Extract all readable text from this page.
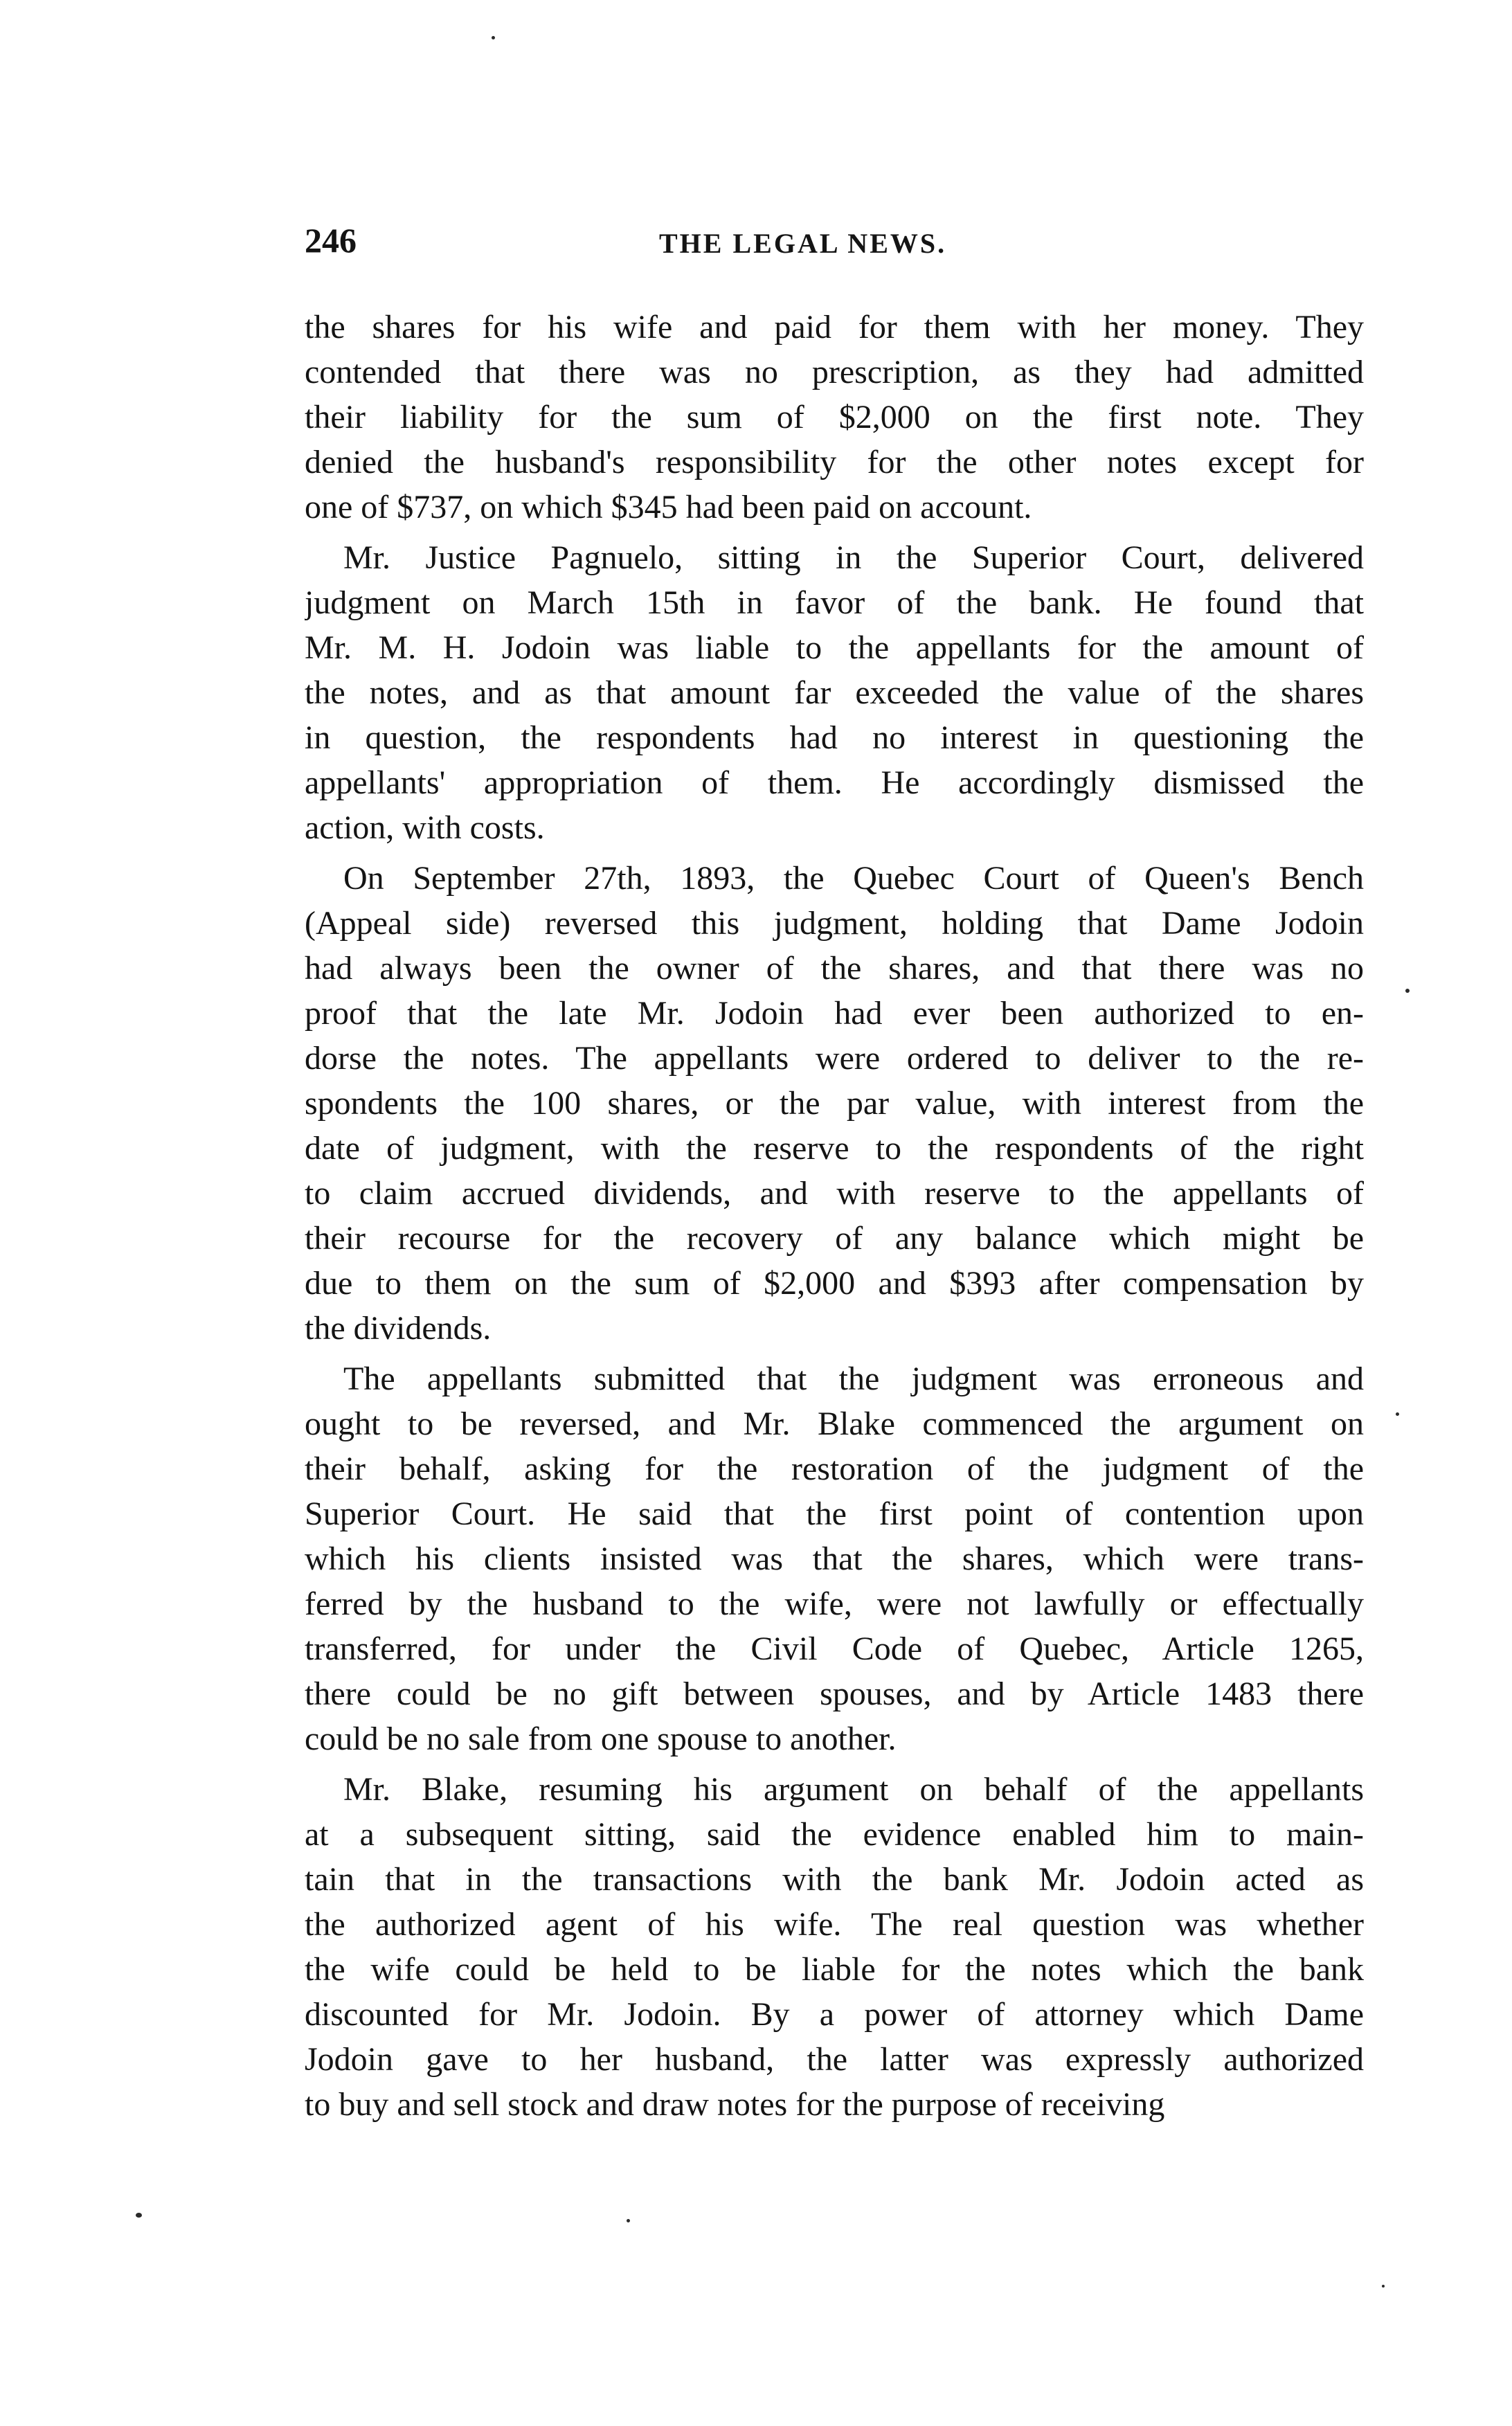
246	THE LEGAL NEWS.
the shares for his wife and paid for them with her money. They
contended that there was no prescription, as they had admitted
their liability for the sum of $2,000 on the first note. They
denied the husband's responsibility for the other notes except for
one of $737, on which $345 had been paid on account.
Mr. Justice Pagnuelo, sitting in the Superior Court, delivered
judgment on March 15th in favor of the bank. He found that
Mr. M. H. Jodoin was liable to the appellants for the amount of
the notes, and as that amount far exceeded the value of the shares
in question, the respondents had no interest in questioning the
appellants' appropriation of them. He accordingly dismissed the
action, with costs.
On September 27th, 1893, the Quebec Court of Queen's Bench
(Appeal side) reversed this judgment, holding that Dame Jodoin
had always been the owner of the shares, and that there was no
proof that the late Mr. Jodoin had ever been authorized to en-
dorse the notes. The appellants were ordered to deliver to the re-
spondents the 100 shares, or the par value, with interest from the
date of judgment, with the reserve to the respondents of the right
to claim accrued dividends, and with reserve to the appellants of
their recourse for the recovery of any balance which might be
due to them on the sum of $2,000 and $393 after compensation by
the dividends.
The appellants submitted that the judgment was erroneous and
ought to be reversed, and Mr. Blake commenced the argument on
their behalf, asking for the restoration of the judgment of the
Superior Court. He said that the first point of contention upon
which his clients insisted was that the shares, which were trans-
ferred by the husband to the wife, were not lawfully or effectually
transferred, for under the Civil Code of Quebec, Article 1265,
there could be no gift between spouses, and by Article 1483 there
could be no sale from one spouse to another.
Mr. Blake, resuming his argument on behalf of the appellants
at a subsequent sitting, said the evidence enabled him to main-
tain that in the transactions with the bank Mr. Jodoin acted as
the authorized agent of his wife. The real question was whether
the wife could be held to be liable for the notes which the bank
discounted for Mr. Jodoin. By a power of attorney which Dame
Jodoin gave to her husband, the latter was expressly authorized
to buy and sell stock and draw notes for the purpose of receiving
